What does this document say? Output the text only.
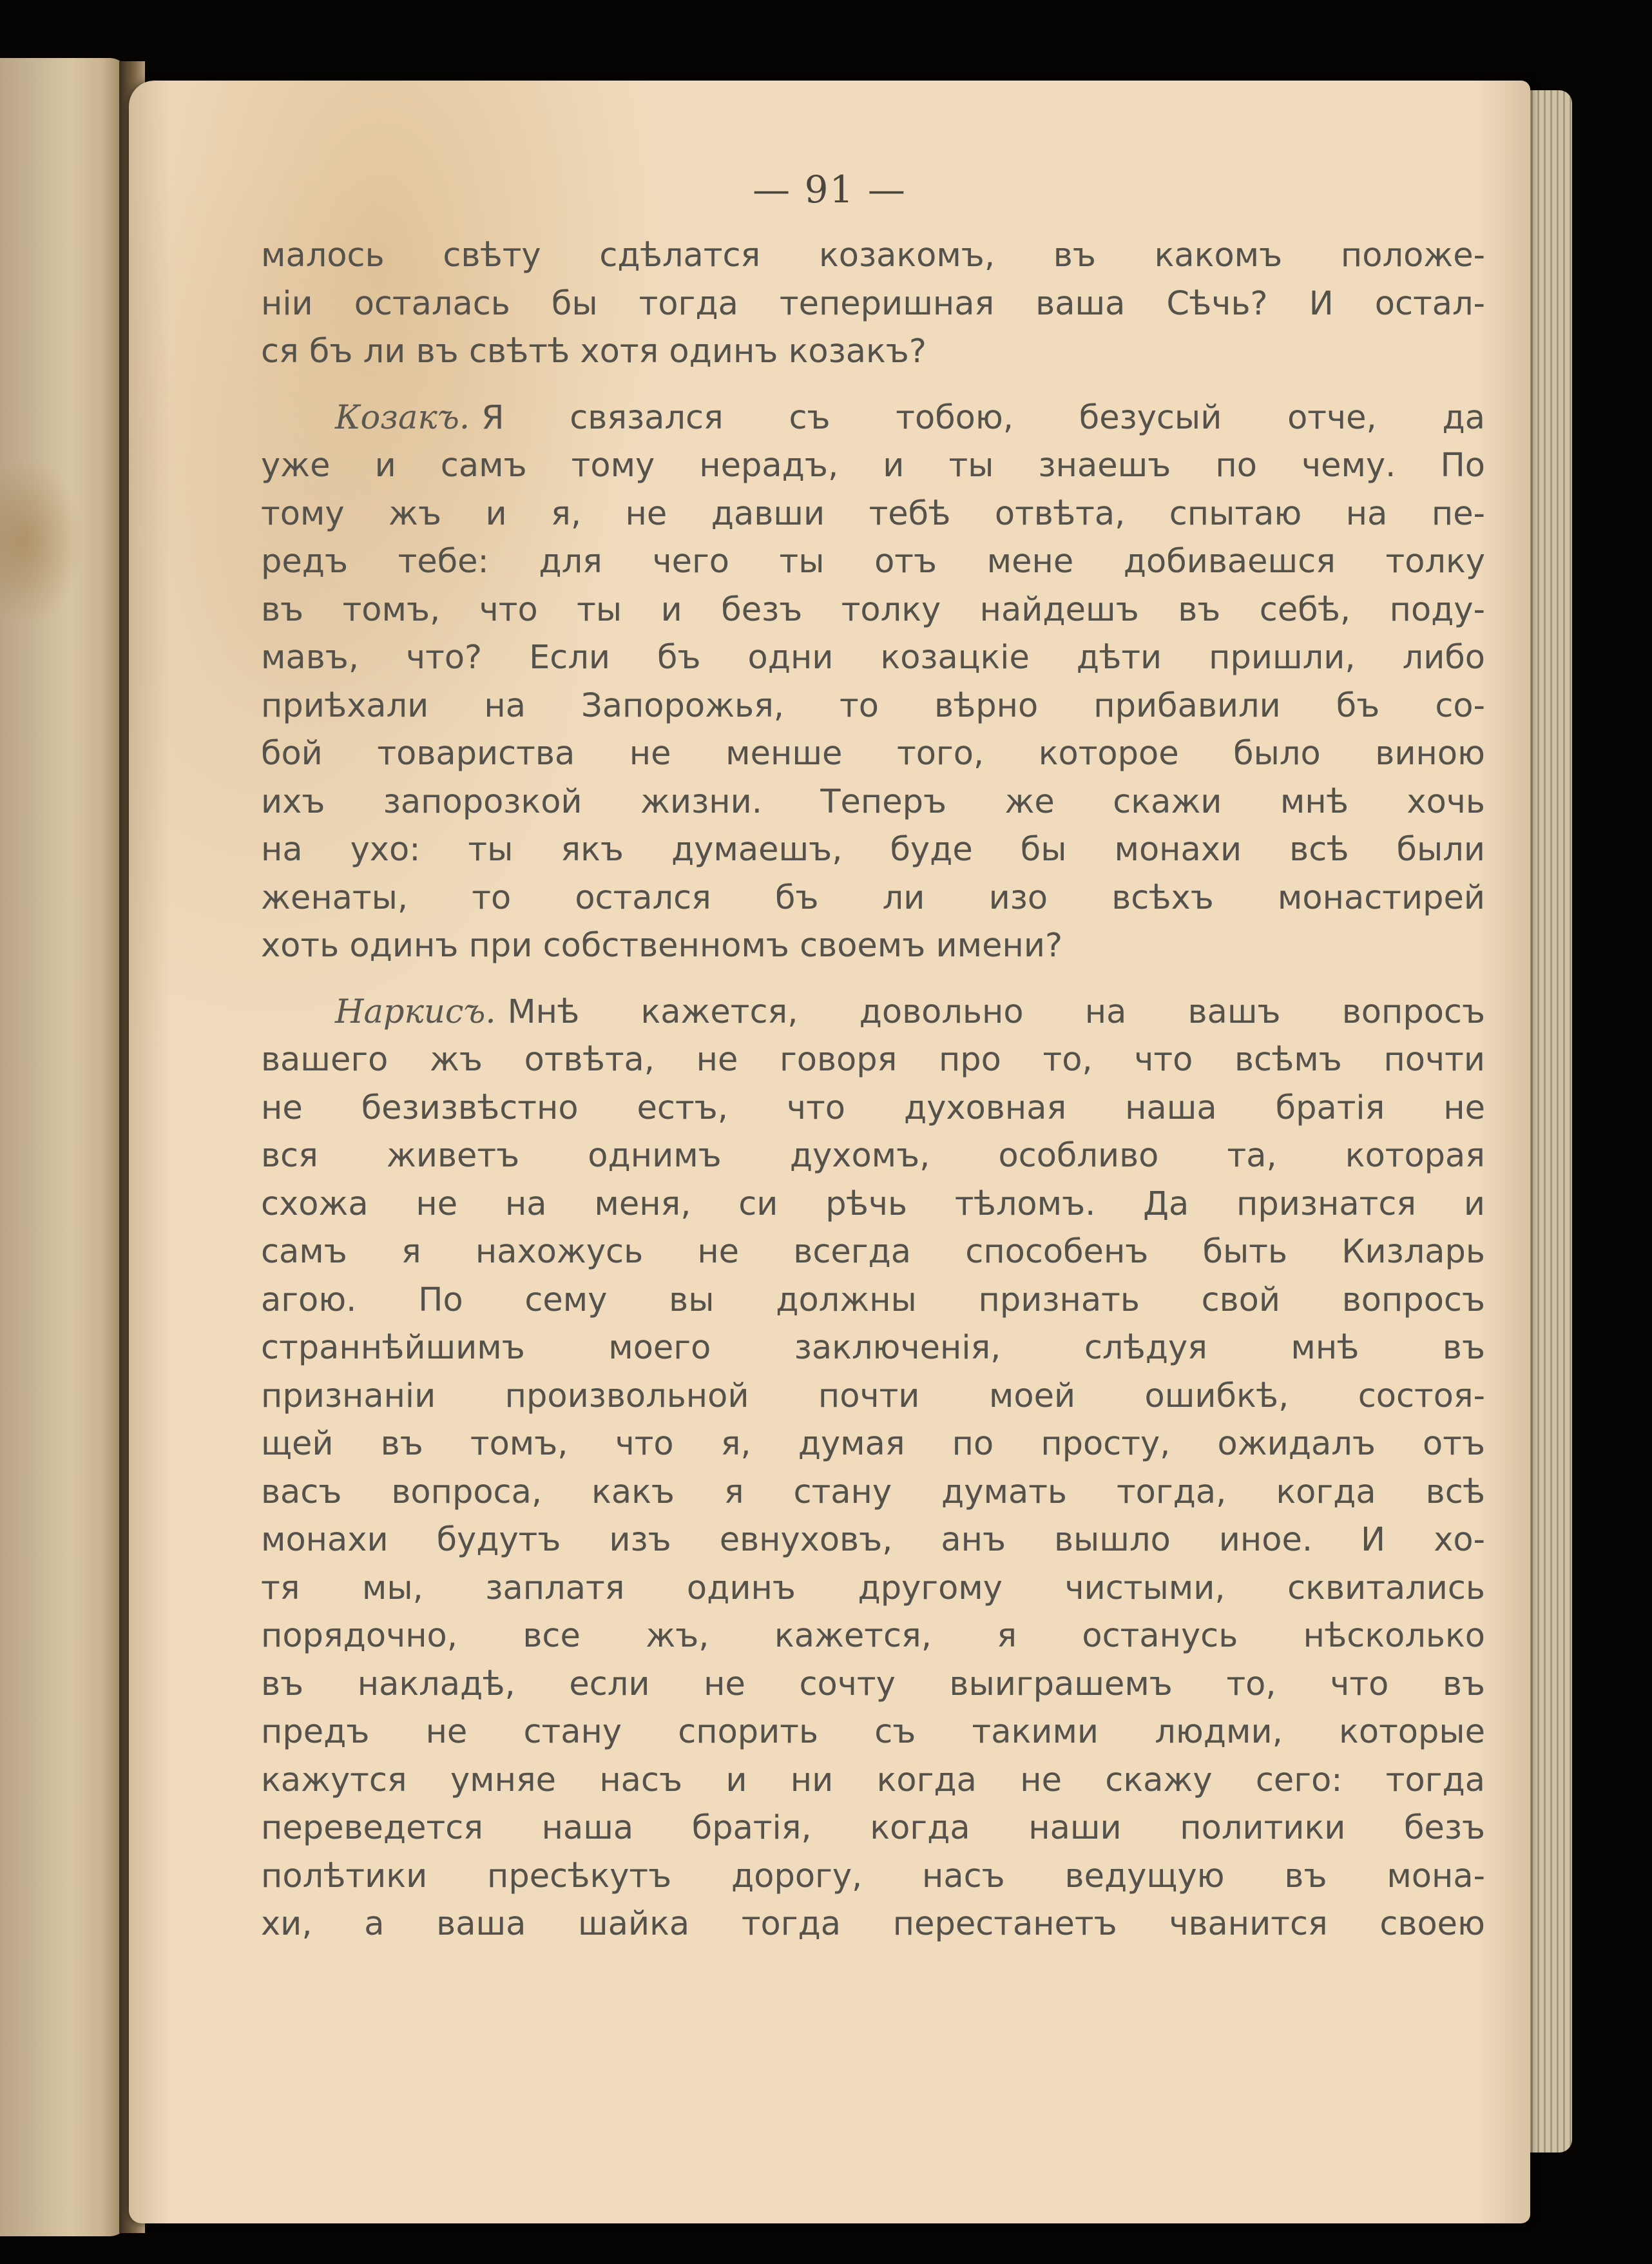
— 91 —
малось свѣту сдѣлатся козакомъ, въ какомъ положе-
нiи осталась бы тогда теперишная ваша Сѣчь? И остал-
ся бъ ли въ свѣтѣ хотя одинъ козакъ?
Козакъ. Я связался съ тобою, безусый отче, да
уже и самъ тому нерадъ, и ты знаешъ по чему. По
тому жъ и я, не давши тебѣ отвѣта, спытаю на пе-
редъ тебе: для чего ты отъ мене добиваешся толку
въ томъ, что ты и безъ толку найдешъ въ себѣ, поду-
мавъ, что? Если бъ одни козацкiе дѣти пришли, либо
приѣхали на Запорожья, то вѣрно прибавили бъ со-
бой товариства не менше того, которое было виною
ихъ запорозкой жизни. Теперъ же скажи мнѣ хочь
на ухо: ты якъ думаешъ, буде бы монахи всѣ были
женаты, то остался бъ ли изо всѣхъ монастирей
хоть одинъ при собственномъ своемъ имени?
Наркисъ. Мнѣ кажется, довольно на вашъ вопросъ
вашего жъ отвѣта, не говоря про то, что всѣмъ почти
не безизвѣстно естъ, что духовная наша братiя не
вся живетъ однимъ духомъ, особливо та, которая
схожа не на меня, си рѣчь тѣломъ. Да признатся и
самъ я нахожусь не всегда способенъ быть Кизларь
агою. По сему вы должны признать свой вопросъ
страннѣйшимъ моего заключенiя, слѣдуя мнѣ въ
признанiи произвольной почти моей ошибкѣ, состоя-
щей въ томъ, что я, думая по просту, ожидалъ отъ
васъ вопроса, какъ я стану думать тогда, когда всѣ
монахи будутъ изъ евнуховъ, анъ вышло иное. И хо-
тя мы, заплатя одинъ другому чистыми, сквитались
порядочно, все жъ, кажется, я останусь нѣсколько
въ накладѣ, если не сочту выиграшемъ то, что въ
предъ не стану спорить съ такими людми, которые
кажутся умняе насъ и ни когда не скажу сего: тогда
переведется наша братiя, когда наши политики безъ
полѣтики пресѣкутъ дорогу, насъ ведущую въ мона-
хи, а ваша шайка тогда перестанетъ чванится своею
